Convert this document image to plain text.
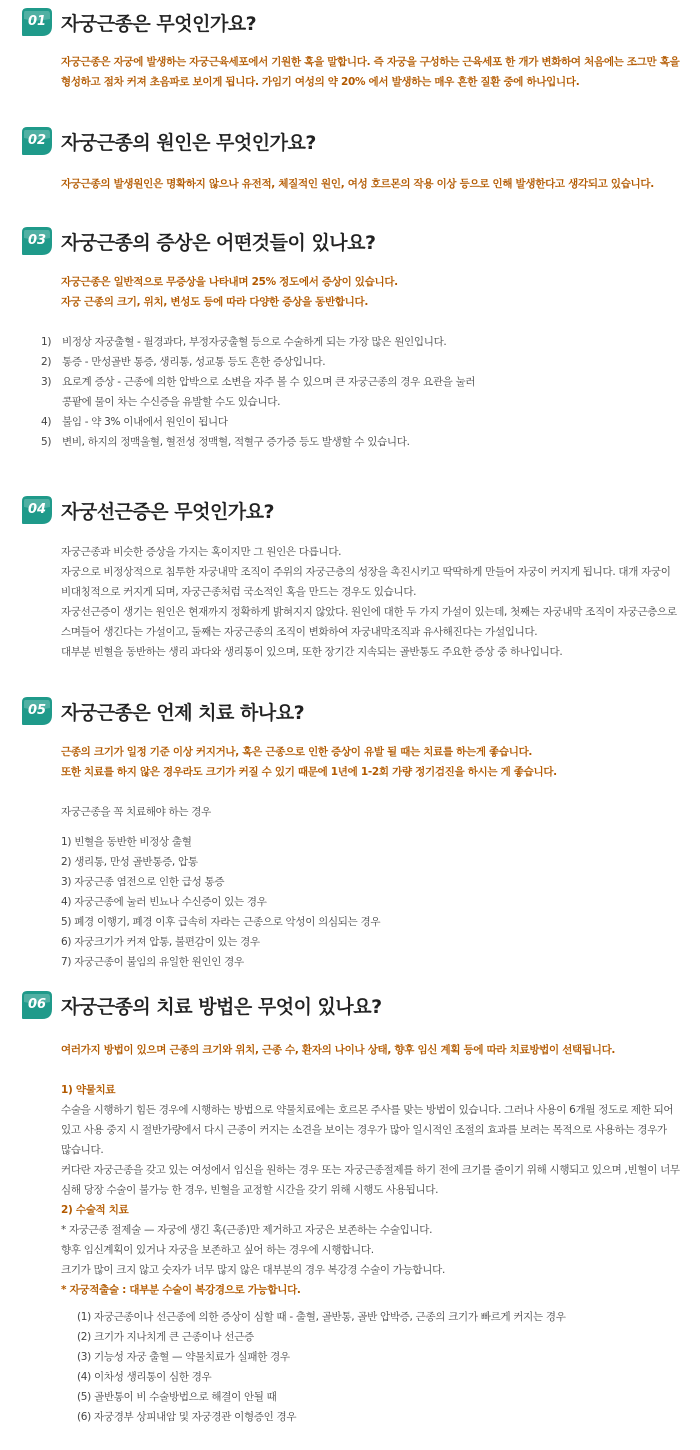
01 자궁근종은 무엇인가요?
자궁근종은 자궁에 발생하는 자궁근육세포에서 기원한 혹을 말합니다. 즉 자궁을 구성하는 근육세포 한 개가 변화하여 처음에는 조그만 혹을
형성하고 점차 커져 초음파로 보이게 됩니다. 가임기 여성의 약 20% 에서 발생하는 매우 흔한 질환 중에 하나입니다.
02 자궁근종의 원인은 무엇인가요?
자궁근종의 발생원인은 명확하지 않으나 유전적, 체질적인 원인, 여성 호르몬의 작용 이상 등으로 인해 발생한다고 생각되고 있습니다.
03 자궁근종의 증상은 어떤것들이 있나요?
자궁근종은 일반적으로 무증상을 나타내며 25% 정도에서 증상이 있습니다.
자궁 근종의 크기, 위치, 변성도 등에 따라 다양한 증상을 동반합니다.
1) 비정상 자궁출혈 - 월경과다, 부정자궁출혈 등으로 수술하게 되는 가장 많은 원인입니다.
2) 통증 - 만성골반 통증, 생리통, 성교통 등도 흔한 증상입니다.
3) 요로계 증상 - 근종에 의한 압박으로 소변을 자주 볼 수 있으며 큰 자궁근종의 경우 요관을 눌러
콩팥에 물이 차는 수신증을 유발할 수도 있습니다.
4) 불임 - 약 3% 이내에서 원인이 됩니다
5) 변비, 하지의 정맥울혈, 혈전성 정맥혈, 적혈구 증가증 등도 발생할 수 있습니다.
04 자궁선근증은 무엇인가요?
자궁근종과 비슷한 증상을 가지는 혹이지만 그 원인은 다릅니다.
자궁으로 비정상적으로 침투한 자궁내막 조직이 주위의 자궁근층의 성장을 촉진시키고 딱딱하게 만들어 자궁이 커지게 됩니다. 대개 자궁이
비대칭적으로 커지게 되며, 자궁근종처럼 국소적인 혹을 만드는 경우도 있습니다.
자궁선근증이 생기는 원인은 현재까지 정확하게 밝혀지지 않았다. 원인에 대한 두 가지 가설이 있는데, 첫째는 자궁내막 조직이 자궁근층으로
스며들어 생긴다는 가설이고, 둘째는 자궁근종의 조직이 변화하여 자궁내막조직과 유사해진다는 가설입니다.
대부분 빈혈을 동반하는 생리 과다와 생리통이 있으며, 또한 장기간 지속되는 골반통도 주요한 증상 중 하나입니다.
05 자궁근종은 언제 치료 하나요?
근종의 크기가 일정 기준 이상 커지거나, 혹은 근종으로 인한 증상이 유발 될 때는 치료를 하는게 좋습니다.
또한 치료를 하지 않은 경우라도 크기가 커질 수 있기 때문에 1년에 1-2회 가량 정기검진을 하시는 게 좋습니다.
자궁근종을 꼭 치료해야 하는 경우
1) 빈혈을 동반한 비정상 출혈
2) 생리통, 만성 골반통증, 압통
3) 자궁근종 염전으로 인한 급성 통증
4) 자궁근종에 눌러 빈뇨나 수신증이 있는 경우
5) 폐경 이행기, 폐경 이후 급속히 자라는 근종으로 악성이 의심되는 경우
6) 자궁크기가 커져 압통, 불편감이 있는 경우
7) 자궁근종이 불임의 유일한 원인인 경우
06 자궁근종의 치료 방법은 무엇이 있나요?
여러가지 방법이 있으며 근종의 크기와 위치, 근종 수, 환자의 나이나 상태, 향후 임신 계획 등에 따라 치료방법이 선택됩니다.
1) 약물치료
수술을 시행하기 힘든 경우에 시행하는 방법으로 약물치료에는 호르몬 주사를 맞는 방법이 있습니다. 그러나 사용이 6개월 정도로 제한 되어
있고 사용 중지 시 절반가량에서 다시 근종이 커지는 소견을 보이는 경우가 많아 일시적인 조절의 효과를 보려는 목적으로 사용하는 경우가
많습니다.
커다란 자궁근종을 갖고 있는 여성에서 임신을 원하는 경우 또는 자궁근종절제를 하기 전에 크기를 줄이기 위해 시행되고 있으며 ,빈혈이 너무
심해 당장 수술이 불가능 한 경우, 빈혈을 교정할 시간을 갖기 위해 시행도 사용됩니다.
2) 수술적 치료
* 자궁근종 절제술 — 자궁에 생긴 혹(근종)만 제거하고 자궁은 보존하는 수술입니다.
향후 임신계획이 있거나 자궁을 보존하고 싶어 하는 경우에 시행합니다.
크기가 많이 크지 않고 숫자가 너무 많지 않은 대부분의 경우 복강경 수술이 가능합니다.
* 자궁적출술 : 대부분 수술이 복강경으로 가능합니다.
(1) 자궁근종이나 선근종에 의한 증상이 심할 때 - 출혈, 골반통, 골반 압박증, 근종의 크기가 빠르게 커지는 경우
(2) 크기가 지나치게 큰 근종이나 선근증
(3) 기능성 자궁 출혈 — 약물치료가 실패한 경우
(4) 이차성 생리통이 심한 경우
(5) 골반통이 비 수술방법으로 해결이 안될 때
(6) 자궁경부 상피내암 및 자궁경관 이형증인 경우
